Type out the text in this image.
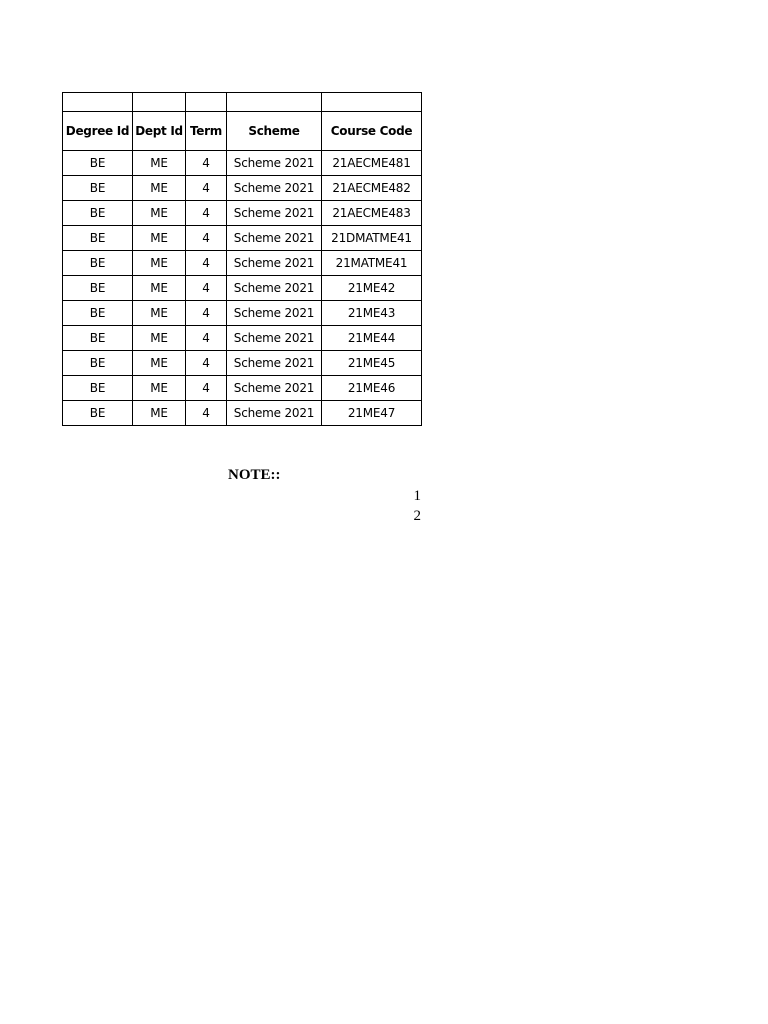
Degree Id	Dept Id	Term	Scheme	Course Code
BE	ME	4	Scheme 2021	21AECME481
BE	ME	4	Scheme 2021	21AECME482
BE	ME	4	Scheme 2021	21AECME483
BE	ME	4	Scheme 2021	21DMATME41
BE	ME	4	Scheme 2021	21MATME41
BE	ME	4	Scheme 2021	21ME42
BE	ME	4	Scheme 2021	21ME43
BE	ME	4	Scheme 2021	21ME44
BE	ME	4	Scheme 2021	21ME45
BE	ME	4	Scheme 2021	21ME46
BE	ME	4	Scheme 2021	21ME47
NOTE::
1
2
